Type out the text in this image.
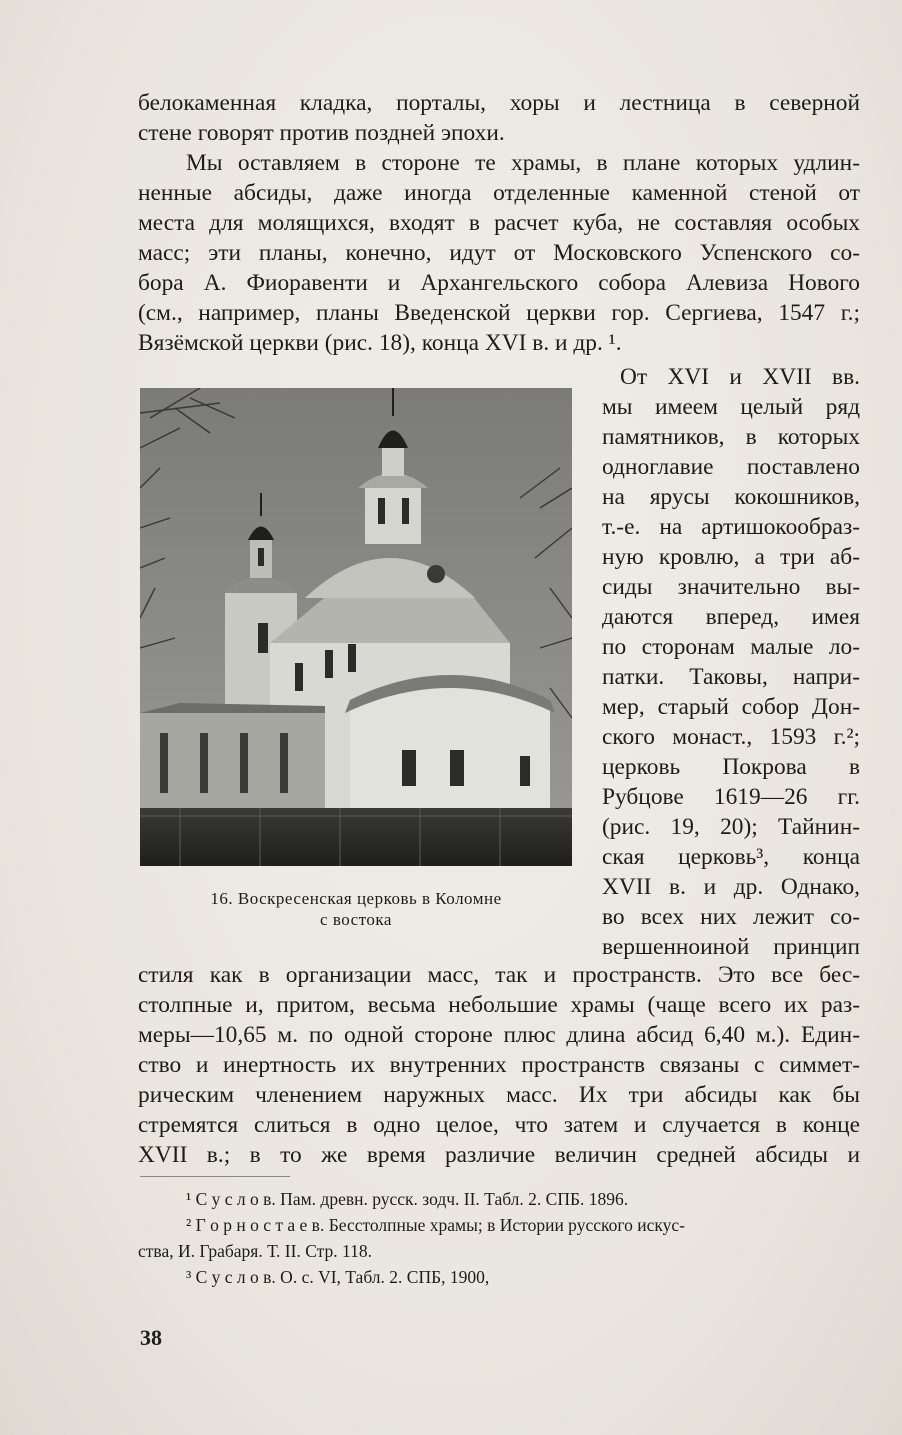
белокаменная кладка, порталы, хоры и лестница в северной
стене говорят против поздней эпохи.
Мы оставляем в стороне те храмы, в плане которых удлин-
ненные абсиды, даже иногда отделенные каменной стеной от
места для молящихся, входят в расчет куба, не составляя особых
масс; эти планы, конечно, идут от Московского Успенского со-
бора А. Фиоравенти и Архангельского собора Алевиза Нового
(см., например, планы Введенской церкви гор. Сергиева, 1547 г.;
Вязёмской церкви (рис. 18), конца XVI в. и др. ¹.
16. Воскресенская церковь в Коломне
с востока
От XVI и XVII вв.
мы имеем целый ряд
памятников, в которых
одноглавие поставлено
на ярусы кокошников,
т.-е. на артишокообраз-
ную кровлю, а три аб-
сиды значительно вы-
даются вперед, имея
по сторонам малые ло-
патки. Таковы, напри-
мер, старый собор Дон-
ского монаст., 1593 г.²;
церковь Покрова в
Рубцове 1619—26 гг.
(рис. 19, 20); Тайнин-
ская церковь³, конца
XVII в. и др. Однако,
во всех них лежит со-
вершенноиной принцип
стиля как в организации масс, так и пространств. Это все бес-
столпные и, притом, весьма небольшие храмы (чаще всего их раз-
меры—10,65 м. по одной стороне плюс длина абсид 6,40 м.). Един-
ство и инертность их внутренних пространств связаны с симмет-
рическим членением наружных масс. Их три абсиды как бы
стремятся слиться в одно целое, что затем и случается в конце
XVII в.; в то же время различие величин средней абсиды и
¹ С у с л о в. Пам. древн. русск. зодч. II. Табл. 2. СПБ. 1896.
² Г о р н о с т а е в. Бесстолпные храмы; в Истории русского искус-
ства, И. Грабаря. Т. II. Стр. 118.
³ С у с л о в. О. с. VI, Табл. 2. СПБ, 1900,
38
